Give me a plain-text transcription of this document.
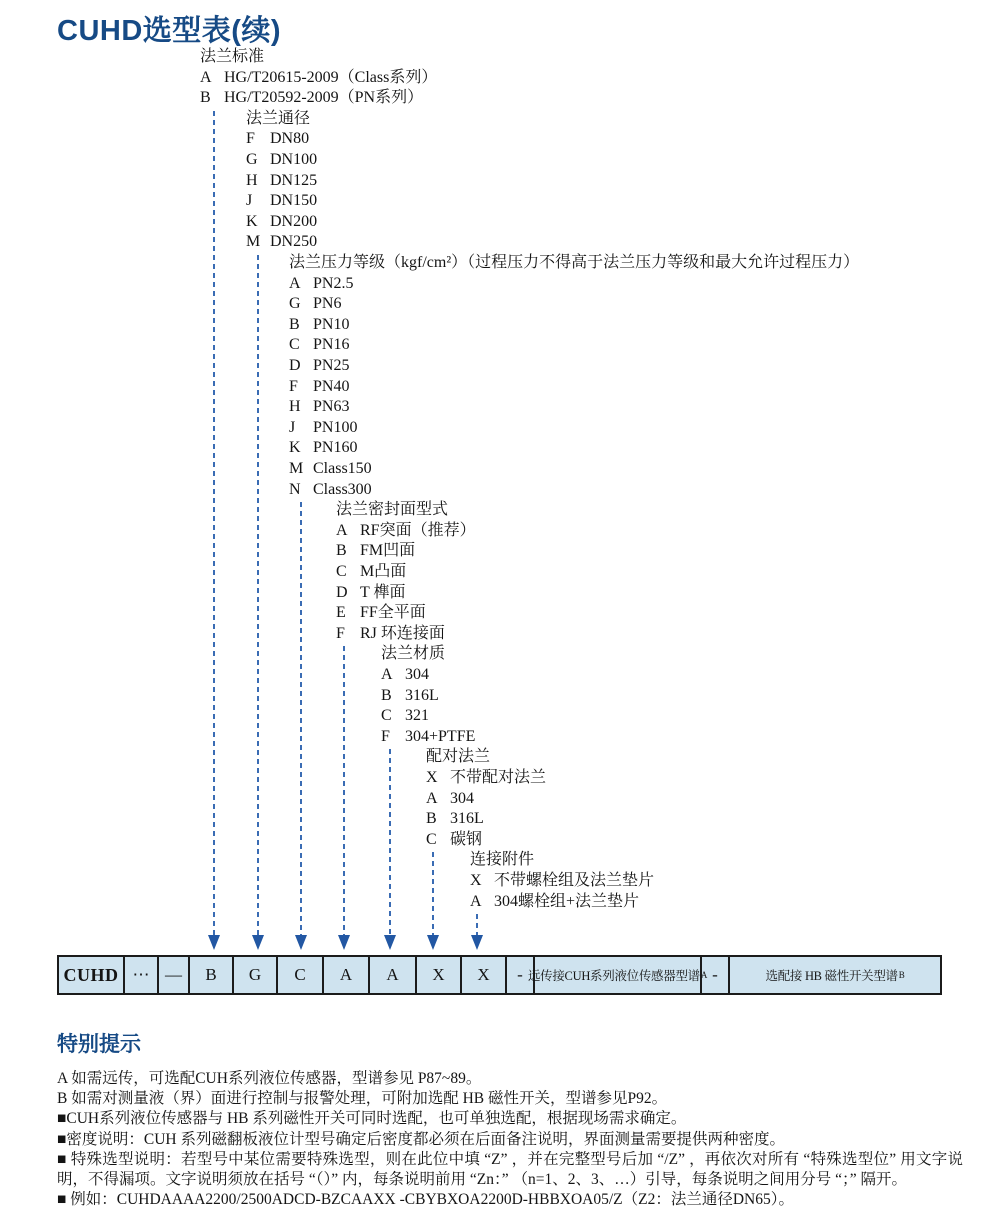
CUHD选型表(续)
法兰标准
A HG/T20615-2009（Class系列）
B HG/T20592-2009（PN系列）
法兰通径
F DN80
G DN100
H DN125
J DN150
K DN200
M DN250
法兰压力等级（kgf/cm²）（过程压力不得高于法兰压力等级和最大允许过程压力）
A PN2.5
G PN6
B PN10
C PN16
D PN25
F PN40
H PN63
J PN100
K PN160
M Class150
N Class300
法兰密封面型式
A RF突面（推荐）
B FM凹面
C M凸面
D T 榫面
E FF全平面
F RJ 环连接面
法兰材质
A 304
B 316L
C 321
F 304+PTFE
配对法兰
X 不带配对法兰
A 304
B 316L
C 碳钢
连接附件
X 不带螺栓组及法兰垫片
A 304螺栓组+法兰垫片
CUHD ⋯ — B G C A A X X - 远传接CUH系列液位传感器型谱 A -	选配接 HB 磁性开关型谱 B
特别提示
A 如需远传，可选配CUH系列液位传感器，型谱参见 P87~89。
B 如需对测量液（界）面进行控制与报警处理，可附加选配 HB 磁性开关，型谱参见P92。
■CUH系列液位传感器与 HB 系列磁性开关可同时选配，也可单独选配，根据现场需求确定。
■密度说明：CUH 系列磁翻板液位计型号确定后密度都必须在后面备注说明，界面测量需要提供两种密度。
■ 特殊选型说明：若型号中某位需要特殊选型，则在此位中填 “Z” ，并在完整型号后加 “/Z” ，再依次对所有 “特殊选型位” 用文字说明，不得漏项。文字说明须放在括号 “（）” 内，每条说明前用 “Zn：” （n=1、2、3、…）引导，每条说明之间用分号 “；” 隔开。
■ 例如：CUHDAAAA2200/2500ADCD-BZCAAXX -CBYBXOA2200D-HBBXOA05/Z（Z2：法兰通径DN65）。
